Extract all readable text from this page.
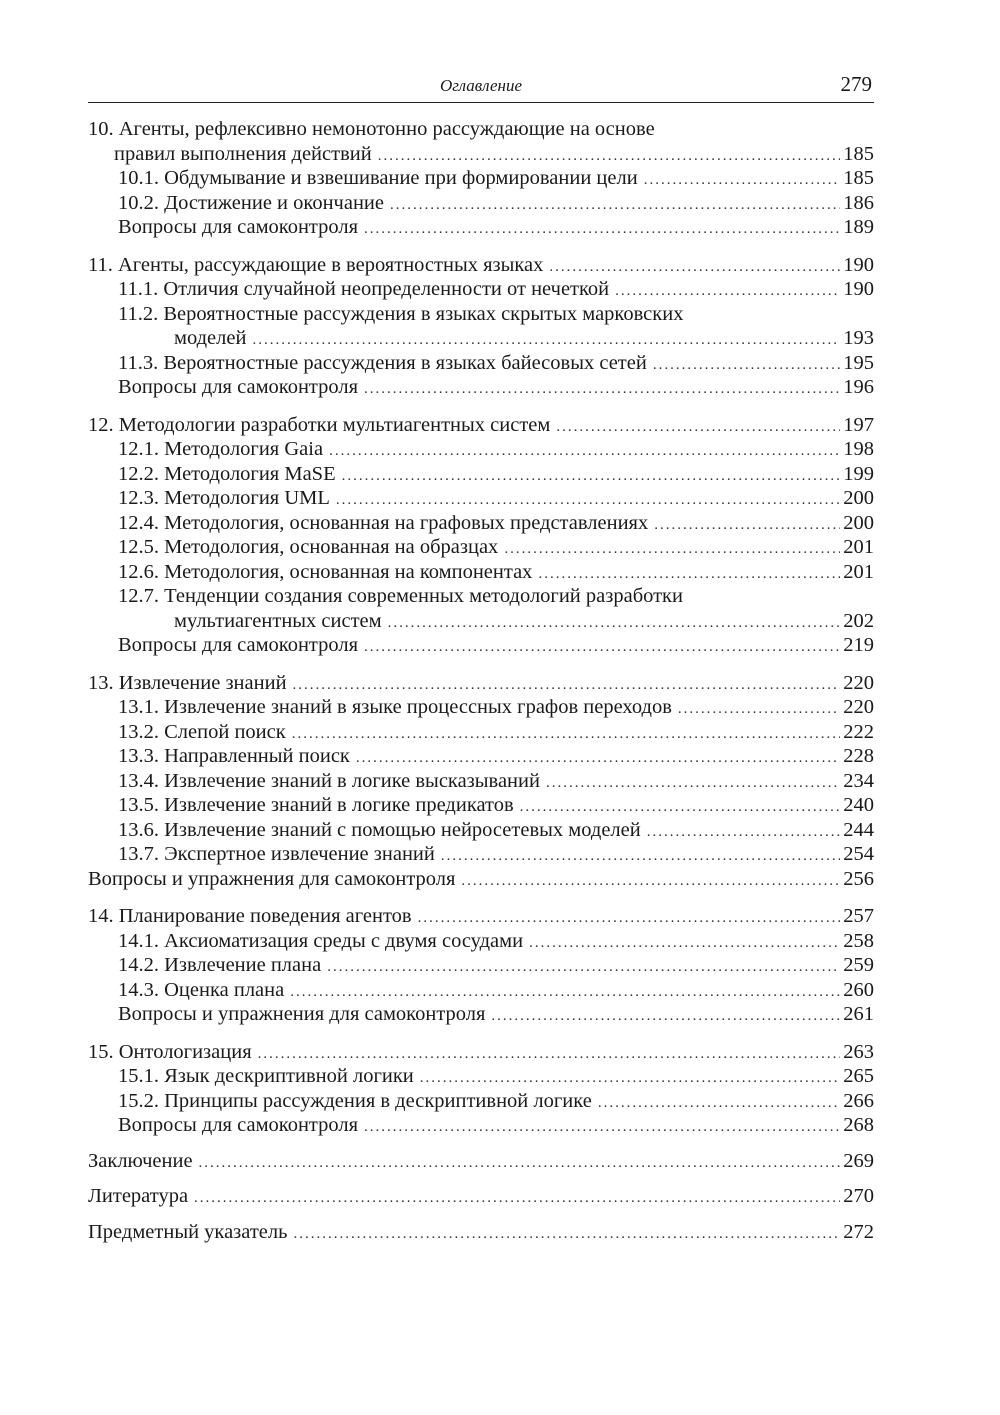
Оглавление	279
10. Агенты, рефлексивно немонотонно рассуждающие на основе
правил выполнения действий .....	185
10.1. Обдумывание и взвешивание при формировании цели .....	185
10.2. Достижение и окончание .....	186
Вопросы для самоконтроля .....	189
11. Агенты, рассуждающие в вероятностных языках .....	190
11.1. Отличия случайной неопределенности от нечеткой .....	190
11.2. Вероятностные рассуждения в языках скрытых марковских
моделей .....	193
11.3. Вероятностные рассуждения в языках байесовых сетей .....	195
Вопросы для самоконтроля .....	196
12. Методологии разработки мультиагентных систем .....	197
12.1. Методология Gaia .....	198
12.2. Методология MaSE .....	199
12.3. Методология UML .....	200
12.4. Методология, основанная на графовых представлениях .....	200
12.5. Методология, основанная на образцах .....	201
12.6. Методология, основанная на компонентах .....	201
12.7. Тенденции создания современных методологий разработки
мультиагентных систем .....	202
Вопросы для самоконтроля .....	219
13. Извлечение знаний .....	220
13.1. Извлечение знаний в языке процессных графов переходов .....	220
13.2. Слепой поиск .....	222
13.3. Направленный поиск .....	228
13.4. Извлечение знаний в логике высказываний .....	234
13.5. Извлечение знаний в логике предикатов .....	240
13.6. Извлечение знаний с помощью нейросетевых моделей .....	244
13.7. Экспертное извлечение знаний .....	254
Вопросы и упражнения для самоконтроля .....	256
14. Планирование поведения агентов .....	257
14.1. Аксиоматизация среды с двумя сосудами .....	258
14.2. Извлечение плана .....	259
14.3. Оценка плана .....	260
Вопросы и упражнения для самоконтроля .....	261
15. Онтологизация .....	263
15.1. Язык дескриптивной логики .....	265
15.2. Принципы рассуждения в дескриптивной логике .....	266
Вопросы для самоконтроля .....	268
Заключение .....	269
Литература .....	270
Предметный указатель .....	272
